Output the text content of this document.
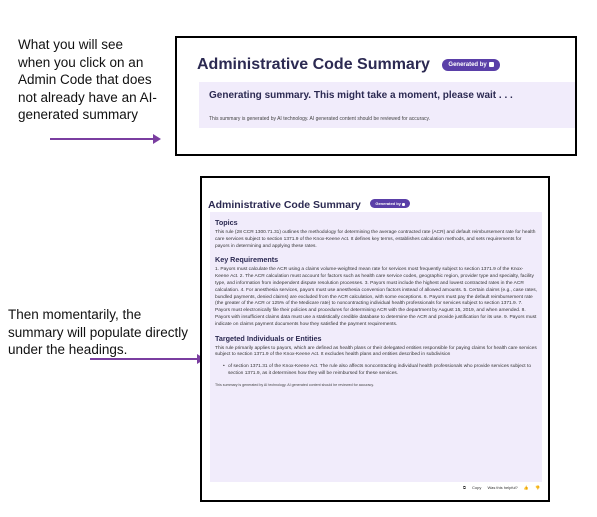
What you will see when you click on an Admin Code that does not already have an AI-generated summary
Then momentarily, the summary will populate directly under the headings.
Administrative Code Summary	Generated by
Generating summary. This might take a moment, please wait . . .
This summary is generated by AI technology. AI generated content should be reviewed for accuracy.
Administrative Code Summary	Generated by
Topics

This rule (28 CCR 1300.71.31) outlines the methodology for determining the average contracted rate (ACR) and default reimbursement rate for health care services subject to section 1371.9 of the Knox-Keene Act. It defines key terms, establishes calculation methods, and sets requirements for payors in determining and applying these rates.

Key Requirements

1. Payors must calculate the ACR using a claims volume-weighted mean rate for services most frequently subject to section 1371.9 of the Knox-Keene Act. 2. The ACR calculation must account for factors such as health care service codes, geographic region, provider type and specialty, facility type, and information from independent dispute resolution processes. 3. Payors must include the highest and lowest contracted rates in the ACR calculation. 4. For anesthesia services, payors must use anesthesia conversion factors instead of allowed amounts. 5. Certain claims (e.g., case rates, bundled payments, denied claims) are excluded from the ACR calculation, with some exceptions. 6. Payors must pay the default reimbursement rate (the greater of the ACR or 125% of the Medicare rate) to noncontracting individual health professionals for services subject to section 1371.9. 7. Payors must electronically file their policies and procedures for determining ACR with the department by August 15, 2019, and when amended. 8. Payors with insufficient claims data must use a statistically credible database to determine the ACR and provide justification for its use. 9. Payors must indicate on claims payment documents how they satisfied the payment requirements.

Targeted Individuals or Entities

This rule primarily applies to payors, which are defined as health plans or their delegated entities responsible for paying claims for health care services subject to section 1371.9 of the Knox-Keene Act. It excludes health plans and entities described in subdivision

• of section 1371.31 of the Knox-Keene Act. The rule also affects noncontracting individual health professionals who provide services subject to section 1371.9, as it determines how they will be reimbursed for these services.
This summary is generated by AI technology. AI generated content should be reviewed for accuracy.
⧉ Copy Was this helpful? 👍 👎
